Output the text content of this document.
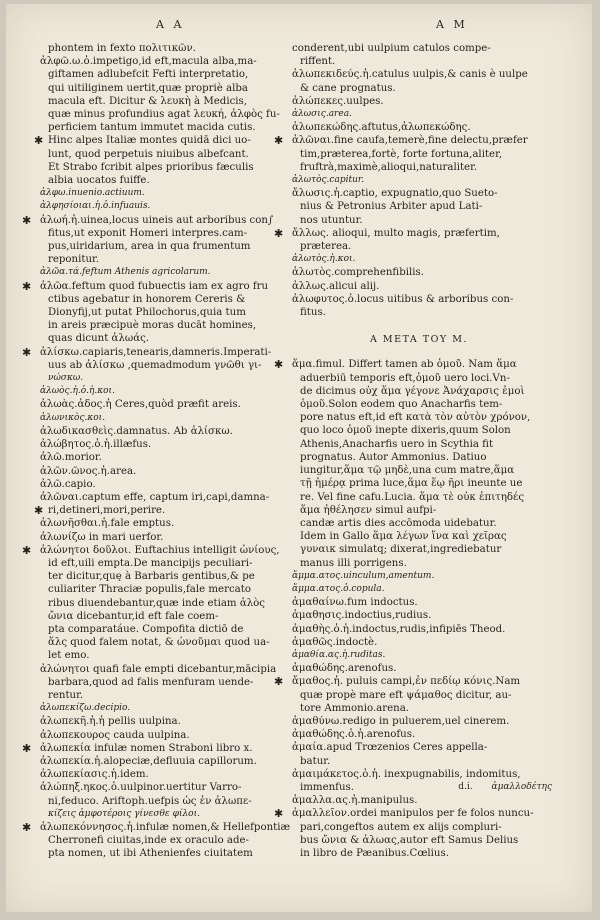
A A	A M
phontem in fexto πολιτικῶν.
ἀλφῶ.ω.ὁ.impetigo,id eft,macula alba,ma-
giftamen adlubefcit Fefti interpretatio,
qui uitiliginem uertit,quæ propriè alba
macula eft. Dicitur & λευκὴ à Medicis,
quæ minus profundius agat λευκή, ἀλφὸς fu-
perficiem tantum immutet macida cutis.
✱ Hinc alpes Italiæ montes quidā dici uo-
lunt, quod perpetuis niuibus albefcant.
Et Strabo fcribit alpes prioribus fæculis
albia uocatos fuiffe.
ἀλφω.inuenio.actiuum.
ἀλφησίοιαι.ἡ.ὁ.infuauis.
✱ ἀλωή.ἡ.uinea,locus uineis aut arboribus con∫
fitus,ut exponit Homeri interpres.cam-
pus,uiridarium, area in qua frumentum
reponitur.
ἀλῶα.τά.feftum Athenis agricolarum.
✱ ἀλῶα.feftum quod fubuectis iam ex agro fru
ctibus agebatur in honorem Cereris &
Dionyfij,ut putat Philochorus,quia tum
in areis præcipuè moras ducāt homines,
quas dicunt ἀλωάς.
✱ ἀλίσκω.capiaris,tenearis,damneris.Imperati-
uus ab ἀλίσκω ,quemadmodum γνῶθι γι-
νώσκω.
ἀλωὸς.ἡ.ὁ.ἡ.κοι.
ἀλωὰς.ἀδος.ἡ Ceres,quòd præfit areis.
ἀλωνικὸς.κοι.
ἀλωδικασθεὶς.damnatus. Ab ἀλίσκω.
ἀλώβητος.ὁ.ἡ.illæfus.
ἀλῶ.morior.
ἀλῶν.ῶνος.ἡ.area.
ἀλῶ.capio.
ἀλῶναι.captum effe, captum iri,capi,damna-
✱ ri,detineri,mori,perire.
ἀλωνῆσθαι.ἡ.fale emptus.
ἀλωνίζω in mari uerfor.
✱ ἀλώνητοι δοῦλοι. Euftachius intelligit ὠνίους,
id eft,uili empta.De mancipijs peculiari-
ter dicitur,quę à Barbaris gentibus,& pe
culiariter Thraciæ populis,fale mercato
ribus diuendebantur,quæ inde etiam ἀλὸς
ὤνια dicebantur,id eft fale coem-
pta comparatáue. Compofita dictiō de
ἅλς quod falem notat, & ὠνοῦμαι quod ua-
let emo.
ἀλώνητοι quafi fale empti dicebantur,mācipia
barbara,quod ad falis menfuram uende-
rentur.
ἀλωπεκίζω.decipio.
ἀλωπεκῆ.ἡ.ἡ pellis uulpina.
ἀλωπεκουρος cauda uulpina.
✱ ἀλωπεκία infulæ nomen Straboni libro x.
ἀλωπεκία.ἡ.alopeciæ,defluuia capillorum.
ἀλωπεκίασις.ἡ.idem.
ἀλώπηξ.ηκος.ὁ.uulpinor.uertitur Varro-
ni,feduco. Ariftoph.uefpis ὡς ἐν ἀλωπε-
κίζεις ἀμφοτέροις γίνεσθε φίλοι.
✱ ἀλωπεκόννησος.ἡ.infulæ nomen,& Hellefpontiæ
Cherronefi ciuitas,inde ex oraculo ade-
pta nomen, ut ibi Athenienfes ciuitatem
conderent,ubi uulpium catulos compe-
riffent.
ἀλωπεκιδεύς.ἡ.catulus uulpis,& canis è uulpe
& cane prognatus.
ἀλώπεκες.uulpes.
ἀλωσις.area.
ἀλωπεκώδης.aftutus,ἀλωπεκώδης.
✱ ἀλῶναι.fine caufa,temerè,fine delectu,præfer
tim,præterea,fortè, forte fortuna,aliter,
fruftrà,maximè,alioqui,naturaliter.
ἀλωτὸς.capitur.
ἄλωσις.ἡ.captio, expugnatio,quo Sueto-
nius & Petronius Arbiter apud Lati-
nos utuntur.
✱ ἄλλως. alioqui, multo magis, præfertim,
præterea.
ἀλωτὸς.ἡ.κοι.
ἀλωτὸς.comprehenfibilis.
ἀλλως.alicui alij.
ἀλωφυτος.ὁ.locus uitibus & arboribus con-
fitus.
A META TOY M.
✱ ἅμα.fimul. Differt tamen ab ὁμοῦ. Nam ἅμα
aduerbiū temporis eft,ὁμοῦ uero loci.Vn-
de dicimus οὐχ ἅμα γέγονε Ἀνάχαρσις ἐμοὶ
ὁμοῦ.Solon eodem quo Anacharfis tem-
pore natus eft,id eft κατὰ τὸν αὐτὸν χρόνον,
quo loco ὁμοῦ inepte dixeris,quum Solon
Athenis,Anacharfis uero in Scythia fit
prognatus. Autor Ammonius. Datiuo
iungitur,ἅμα τῷ μηδὲ,una cum matre,ἅμα
τῇ ἡμέρᾳ prima luce,ἅμα ἕῳ ῆρι ineunte ue
re. Vel fine cafu.Lucia. ἅμα τὲ οὐκ ἐπιτηδές
ἅμα ἠθέλησεν simul aufpi-
candæ artis dies accōmoda uidebatur.
Idem in Gallo ἅμα λέγων ἵνα καὶ χεῖρας
γυναικ simulatq; dixerat,ingrediebatur
manus illi porrigens.
ἅμμα.ατος.uinculum,amentum.
ἅμμα.ατος.ὁ.copula.
ἀμαθαίνω.fum indoctus.
ἀμαθησις.indoctius,rudius.
ἀμαθὴς.ὁ.ἡ.indoctus,rudis,infipiēs Theod.
ἀμαθῶς.indoctè.
ἀμαθία.ας.ἡ.ruditas.
ἀμαθώδης.arenofus.
✱ ἄμαθος.ἡ. puluis campi,ἐν πεδίῳ κόνις.Nam
quæ propè mare eft ψάμαθος dicitur, au-
tore Ammonio.arena.
ἀμαθύνω.redigo in puluerem,uel cinerem.
ἀμαθώδης.ὁ.ἡ.arenofus.
ἀμαία.apud Trœzenios Ceres appella-
batur.
ἀμαιμάκετος.ὁ.ἡ. inexpugnabilis, indomitus,
immenfus.
ἀμαλλα.ας.ἡ.manipulus.
✱ ἀμαλλεῖον.ordei manipulos per fe folos nuncu-
pari,congeftos autem ex alijs compluri-
bus ὤνια & ἀλωας,autor eft Samus Delius
in libro de Pæanibus.Cœlius.
d.i. ἀμαλλοδέτης
